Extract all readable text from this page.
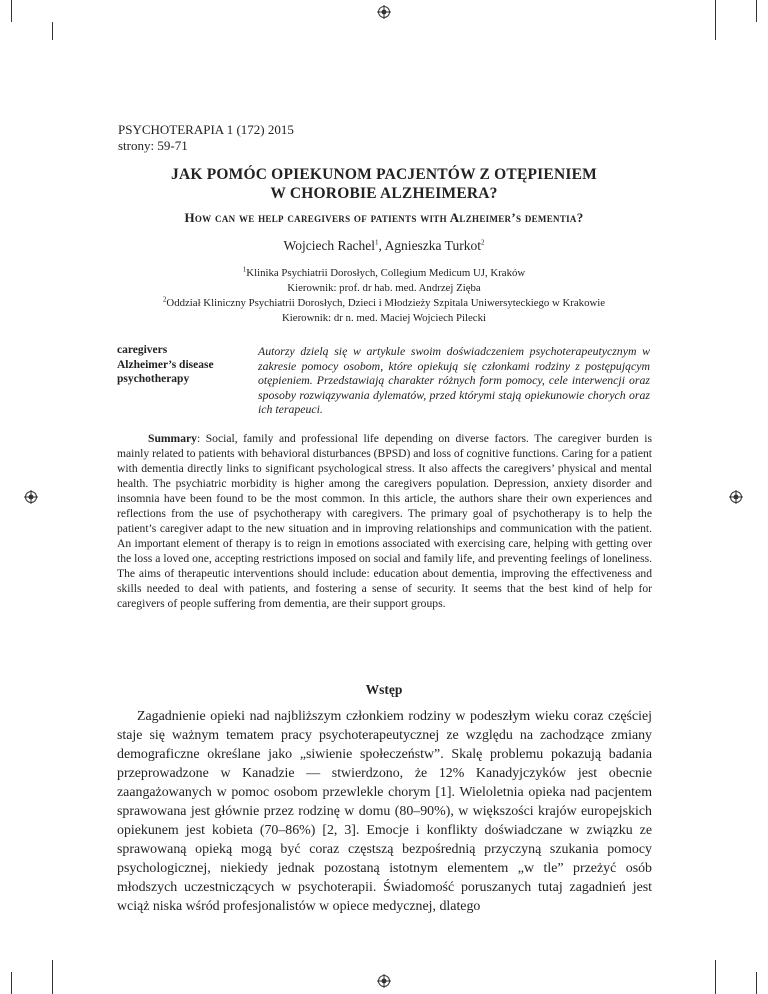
PSYCHOTERAPIA 1 (172) 2015
strony: 59-71
JAK POMÓC OPIEKUNOM PACJENTÓW Z OTĘPIENIEM
W CHOROBIE ALZHEIMERA?
How can we help caregivers of patients with Alzheimer’s dementia?
Wojciech Rachel$^1$, Agnieszka Turkot$^2$
$^1$Klinika Psychiatrii Dorosłych, Collegium Medicum UJ, Kraków
Kierownik: prof. dr hab. med. Andrzej Zięba
$^2$Oddział Kliniczny Psychiatrii Dorosłych, Dzieci i Młodzieży Szpitala Uniwersyteckiego w Krakowie
Kierownik: dr n. med. Maciej Wojciech Pilecki
caregivers
Alzheimer’s disease
psychotherapy
Autorzy dzielą się w artykule swoim doświadczeniem psychoterapeutycznym w zakresie pomocy osobom, które opiekują się członkami rodziny z postępującym otępieniem. Przedstawiają charakter różnych form pomocy, cele interwencji oraz sposoby rozwiązywania dylematów, przed którymi stają opiekunowie chorych oraz ich terapeuci.
Summary: Social, family and professional life depending on diverse factors. The caregiver burden is mainly related to patients with behavioral disturbances (BPSD) and loss of cognitive functions. Caring for a patient with dementia directly links to significant psychological stress. It also affects the caregivers’ physical and mental health. The psychiatric morbidity is higher among the caregivers population. Depression, anxiety disorder and insomnia have been found to be the most common. In this article, the authors share their own experiences and reflections from the use of psychotherapy with caregivers. The primary goal of psychotherapy is to help the patient’s caregiver adapt to the new situation and in improving relationships and communication with the patient. An important element of therapy is to reign in emotions associated with exercising care, helping with getting over the loss a loved one, accepting restrictions imposed on social and family life, and preventing feelings of loneliness. The aims of therapeutic interventions should include: education about dementia, improving the effectiveness and skills needed to deal with patients, and fostering a sense of security. It seems that the best kind of help for caregivers of people suffering from dementia, are their support groups.
Wstęp
Zagadnienie opieki nad najbliższym członkiem rodziny w podeszłym wieku coraz częściej staje się ważnym tematem pracy psychoterapeutycznej ze względu na zachodzące zmiany demograficzne określane jako „siwienie społeczeństw”. Skalę problemu pokazują badania przeprowadzone w Kanadzie — stwierdzono, że 12% Kanadyjczyków jest obecnie zaangażowanych w pomoc osobom przewlekle chorym [1]. Wieloletnia opieka nad pacjentem sprawowana jest głównie przez rodzinę w domu (80–90%), w większości krajów europejskich opiekunem jest kobieta (70–86%) [2, 3]. Emocje i konflikty doświadczane w związku ze sprawowaną opieką mogą być coraz częstszą bezpośrednią przyczyną szukania pomocy psychologicznej, niekiedy jednak pozostaną istotnym elementem „w tle” przeżyć osób młodszych uczestniczących w psychoterapii. Świadomość poruszanych tutaj zagadnień jest wciąż niska wśród profesjonalistów w opiece medycznej, dlatego
